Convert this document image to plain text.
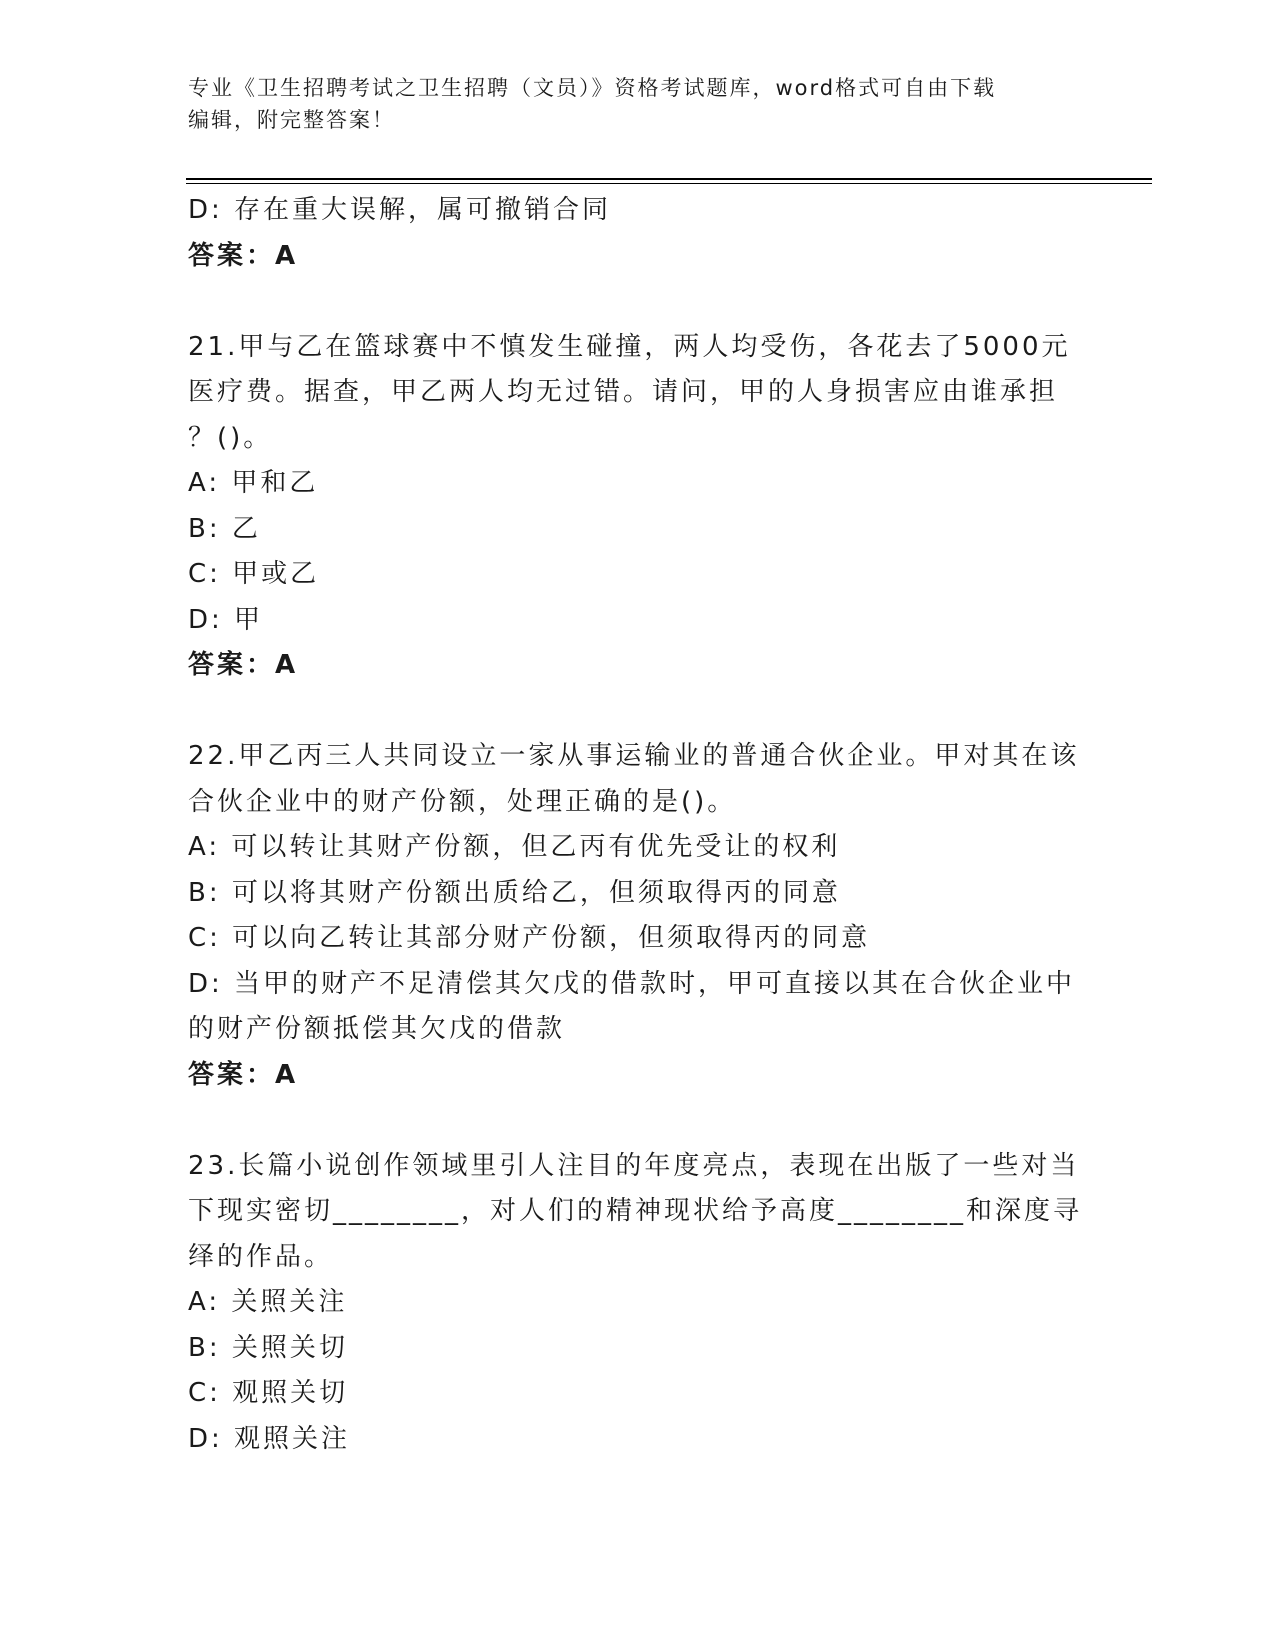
专业《卫生招聘考试之卫生招聘（文员）》资格考试题库，word格式可自由下载
编辑，附完整答案！
D: 存在重大误解，属可撤销合同
答案：A
21.甲与乙在篮球赛中不慎发生碰撞，两人均受伤，各花去了5000元
医疗费。据查，甲乙两人均无过错。请问，甲的人身损害应由谁承担
？()。
A: 甲和乙
B: 乙
C: 甲或乙
D: 甲
答案：A
22.甲乙丙三人共同设立一家从事运输业的普通合伙企业。甲对其在该
合伙企业中的财产份额，处理正确的是()。
A: 可以转让其财产份额，但乙丙有优先受让的权利
B: 可以将其财产份额出质给乙，但须取得丙的同意
C: 可以向乙转让其部分财产份额，但须取得丙的同意
D: 当甲的财产不足清偿其欠戊的借款时，甲可直接以其在合伙企业中
的财产份额抵偿其欠戊的借款
答案：A
23.长篇小说创作领域里引人注目的年度亮点，表现在出版了一些对当
下现实密切________，对人们的精神现状给予高度________和深度寻
绎的作品。
A: 关照关注
B: 关照关切
C: 观照关切
D: 观照关注
